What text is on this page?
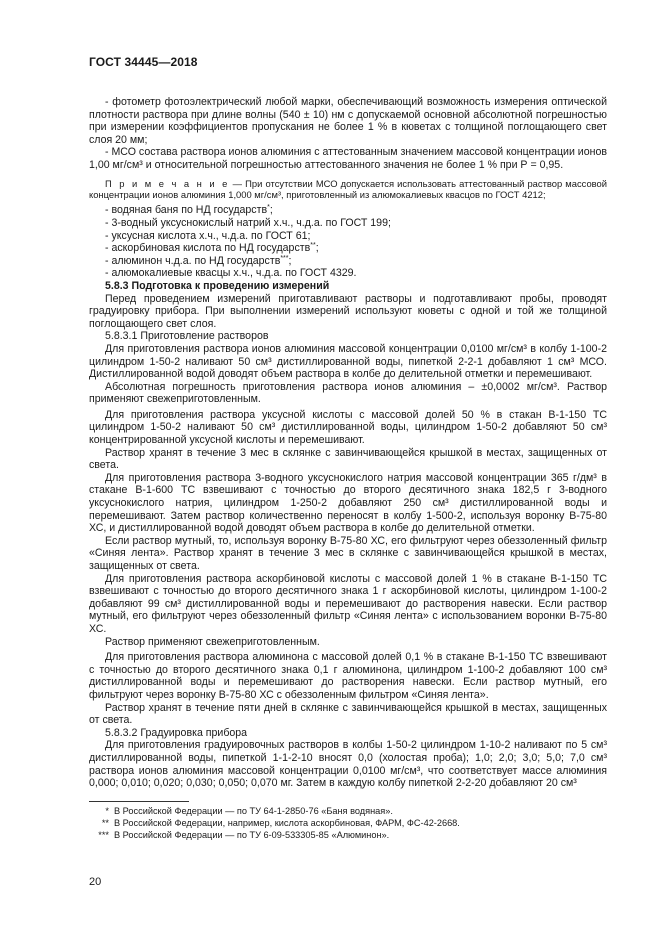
ГОСТ 34445—2018

- фотометр фотоэлектрический любой марки, обеспечивающий возможность измерения оптической плотности раствора при длине волны (540 ± 10) нм с допускаемой основной абсолютной погрешностью при измерении коэффициентов пропускания не более 1 % в кюветах с толщиной поглощающего свет слоя 20 мм;

- МСО состава раствора ионов алюминия с аттестованным значением массовой концентрации ионов 1,00 мг/см³ и относительной погрешностью аттестованного значения не более 1 % при Р = 0,95.

П р и м е ч а н и е — При отсутствии МСО допускается использовать аттестованный раствор массовой концентрации ионов алюминия 1,000 мг/см³, приготовленный из алюмокалиевых квасцов по ГОСТ 4212;

- водяная баня по НД государств*;

- 3-водный уксуснокислый натрий х.ч., ч.д.а. по ГОСТ 199;

- уксусная кислота х.ч., ч.д.а. по ГОСТ 61;

- аскорбиновая кислота по НД государств**;

- алюминон ч.д.а. по НД государств***;

- алюмокалиевые квасцы х.ч., ч.д.а. по ГОСТ 4329.

5.8.3 Подготовка к проведению измерений

Перед проведением измерений приготавливают растворы и подготавливают пробы, проводят градуировку прибора. При выполнении измерений используют кюветы с одной и той же толщиной поглощающего свет слоя.

5.8.3.1 Приготовление растворов

Для приготовления раствора ионов алюминия массовой концентрации 0,0100 мг/см³ в колбу 1-100-2 цилиндром 1-50-2 наливают 50 см³ дистиллированной воды, пипеткой 2-2-1 добавляют 1 см³ МСО. Дистиллированной водой доводят объем раствора в колбе до делительной отметки и перемешивают.

Абсолютная погрешность приготовления раствора ионов алюминия – ±0,0002 мг/см³. Раствор применяют свежеприготовленным.

Для приготовления раствора уксусной кислоты с массовой долей 50 % в стакан В-1-150 ТС цилиндром 1-50-2 наливают 50 см³ дистиллированной воды, цилиндром 1-50-2 добавляют 50 см³ концентрированной уксусной кислоты и перемешивают.

Раствор хранят в течение 3 мес в склянке с завинчивающейся крышкой в местах, защищенных от света.

Для приготовления раствора 3-водного уксуснокислого натрия массовой концентрации 365 г/дм³ в стакане В-1-600 ТС взвешивают с точностью до второго десятичного знака 182,5 г 3-водного уксуснокислого натрия, цилиндром 1-250-2 добавляют 250 см³ дистиллированной воды и перемешивают. Затем раствор количественно переносят в колбу 1-500-2, используя воронку В-75-80 ХС, и дистиллированной водой доводят объем раствора в колбе до делительной отметки.

Если раствор мутный, то, используя воронку В-75-80 ХС, его фильтруют через обеззоленный фильтр «Синяя лента». Раствор хранят в течение 3 мес в склянке с завинчивающейся крышкой в местах, защищенных от света.

Для приготовления раствора аскорбиновой кислоты с массовой долей 1 % в стакане В-1-150 ТС взвешивают с точностью до второго десятичного знака 1 г аскорбиновой кислоты, цилиндром 1-100-2 добавляют 99 см³ дистиллированной воды и перемешивают до растворения навески. Если раствор мутный, его фильтруют через обеззоленный фильтр «Синяя лента» с использованием воронки В-75-80 ХС.

Раствор применяют свежеприготовленным.

Для приготовления раствора алюминона с массовой долей 0,1 % в стакане В-1-150 ТС взвешивают с точностью до второго десятичного знака 0,1 г алюминона, цилиндром 1-100-2 добавляют 100 см³ дистиллированной воды и перемешивают до растворения навески. Если раствор мутный, его фильтруют через воронку В-75-80 ХС с обеззоленным фильтром «Синяя лента».

Раствор хранят в течение пяти дней в склянке с завинчивающейся крышкой в местах, защищенных от света.

5.8.3.2 Градуировка прибора

Для приготовления градуировочных растворов в колбы 1-50-2 цилиндром 1-10-2 наливают по 5 см³ дистиллированной воды, пипеткой 1-1-2-10 вносят 0,0 (холостая проба); 1,0; 2,0; 3,0; 5,0; 7,0 см³ раствора ионов алюминия массовой концентрации 0,0100 мг/см³, что соответствует массе алюминия 0,000; 0,010; 0,020; 0,030; 0,050; 0,070 мг. Затем в каждую колбу пипеткой 2-2-20 добавляют 20 см³

* В Российской Федерации — по ТУ 64-1-2850-76 «Баня водяная».
** В Российской Федерации, например, кислота аскорбиновая, ФАРМ, ФС-42-2668.
*** В Российской Федерации — по ТУ 6-09-533305-85 «Алюминон».
20
